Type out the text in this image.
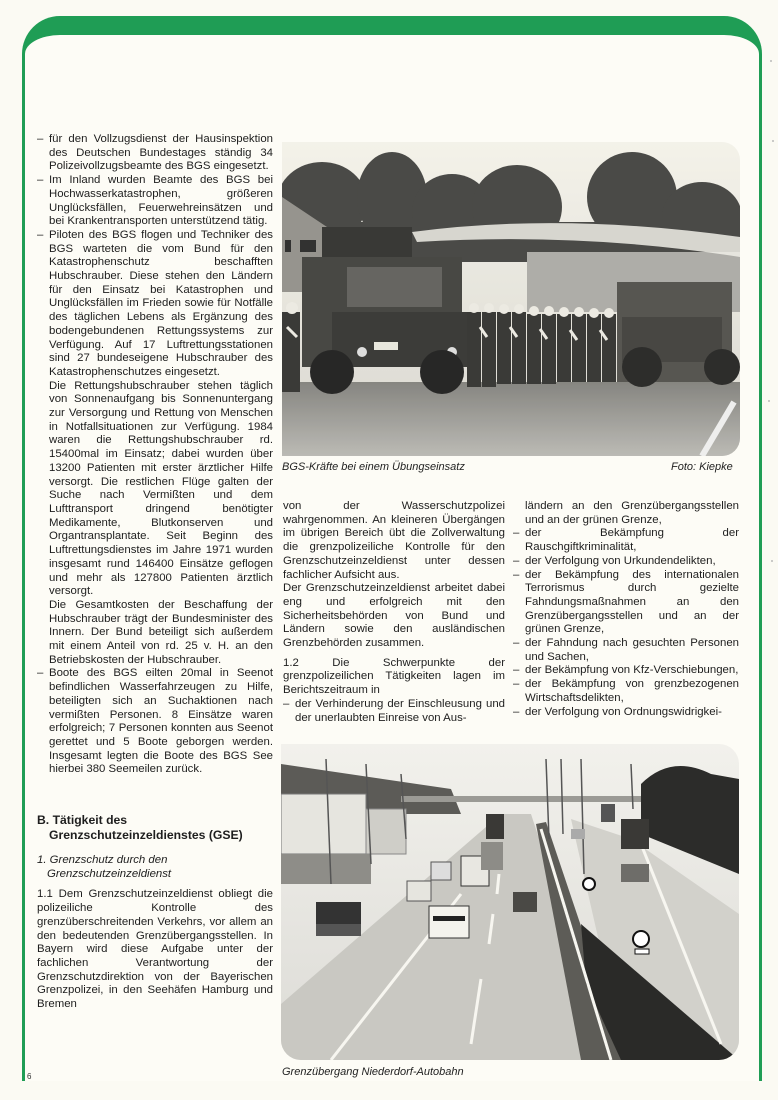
– für den Vollzugsdienst der Hausinspektion des Deutschen Bundestages ständig 34 Polizeivollzugsbeamte des BGS eingesetzt.

– Im Inland wurden Beamte des BGS bei Hochwasserkatastrophen, größeren Unglücksfällen, Feuerwehreinsätzen und bei Krankentransporten unterstützend tätig.

– Piloten des BGS flogen und Techniker des BGS warteten die vom Bund für den Katastrophenschutz beschafften Hubschrauber. Diese stehen den Ländern für den Einsatz bei Katastrophen und Unglücksfällen im Frieden sowie für Notfälle des täglichen Lebens als Ergänzung des bodengebundenen Rettungssystems zur Verfügung. Auf 17 Luftrettungsstationen sind 27 bundeseigene Hubschrauber des Katastrophenschutzes eingesetzt.

Die Rettungshubschrauber stehen täglich von Sonnenaufgang bis Sonnenuntergang zur Versorgung und Rettung von Menschen in Notfallsituationen zur Verfügung. 1984 waren die Rettungshubschrauber rd. 15400mal im Einsatz; dabei wurden über 13200 Patienten mit erster ärztlicher Hilfe versorgt. Die restlichen Flüge galten der Suche nach Vermißten und dem Lufttransport dringend benötigter Medikamente, Blutkonserven und Organtransplantate. Seit Beginn des Luftrettungsdienstes im Jahre 1971 wurden insgesamt rund 146400 Einsätze geflogen und mehr als 127800 Patienten ärztlich versorgt.

Die Gesamtkosten der Beschaffung der Hubschrauber trägt der Bundesminister des Innern. Der Bund beteiligt sich außerdem mit einem Anteil von rd. 25 v. H. an den Betriebskosten der Hubschrauber.

– Boote des BGS eilten 20mal in Seenot befindlichen Wasserfahrzeugen zu Hilfe, beteiligten sich an Suchaktionen nach vermißten Personen. 8 Einsätze waren erfolgreich; 7 Personen konnten aus Seenot gerettet und 5 Boote geborgen werden. Insgesamt legten die Boote des BGS See hierbei 380 Seemeilen zurück.

B. Tätigkeit des Grenzschutzeinzeldienstes (GSE)
1. Grenzschutz durch den Grenzschutzeinzeldienst

1.1 Dem Grenzschutzeinzeldienst obliegt die polizeiliche Kontrolle des grenzüberschreitenden Verkehrs, vor allem an den bedeutenden Grenzübergangsstellen. In Bayern wird diese Aufgabe unter der fachlichen Verantwortung der Grenzschutzdirektion von der Bayerischen Grenzpolizei, in den Seehäfen Hamburg und Bremen

6
BGS-Kräfte bei einem Übungseinsatz	Foto: Kiepke

von der Wasserschutzpolizei wahrgenommen. An kleineren Übergängen im übrigen Bereich übt die Zollverwaltung die grenzpolizeiliche Kontrolle für den Grenzschutzeinzeldienst unter dessen fachlicher Aufsicht aus.

Der Grenzschutzeinzeldienst arbeitet dabei eng und erfolgreich mit den Sicherheitsbehörden von Bund und Ländern sowie den ausländischen Grenzbehörden zusammen.

1.2 Die Schwerpunkte der grenzpolizeilichen Tätigkeiten lagen im Berichtszeitraum in

– der Verhinderung der Einschleusung und der unerlaubten Einreise von Aus-

ländern an den Grenzübergangsstellen und an der grünen Grenze,

– der Bekämpfung der Rauschgiftkriminalität,

– der Verfolgung von Urkundendelikten,

– der Bekämpfung des internationalen Terrorismus durch gezielte Fahndungsmaßnahmen an den Grenzübergangsstellen und an der grünen Grenze,

– der Fahndung nach gesuchten Personen und Sachen,

– der Bekämpfung von Kfz-Verschiebungen,

– der Bekämpfung von grenzbezogenen Wirtschaftsdelikten,

– der Verfolgung von Ordnungswidrigkei-

Grenzübergang Niederdorf-Autobahn
